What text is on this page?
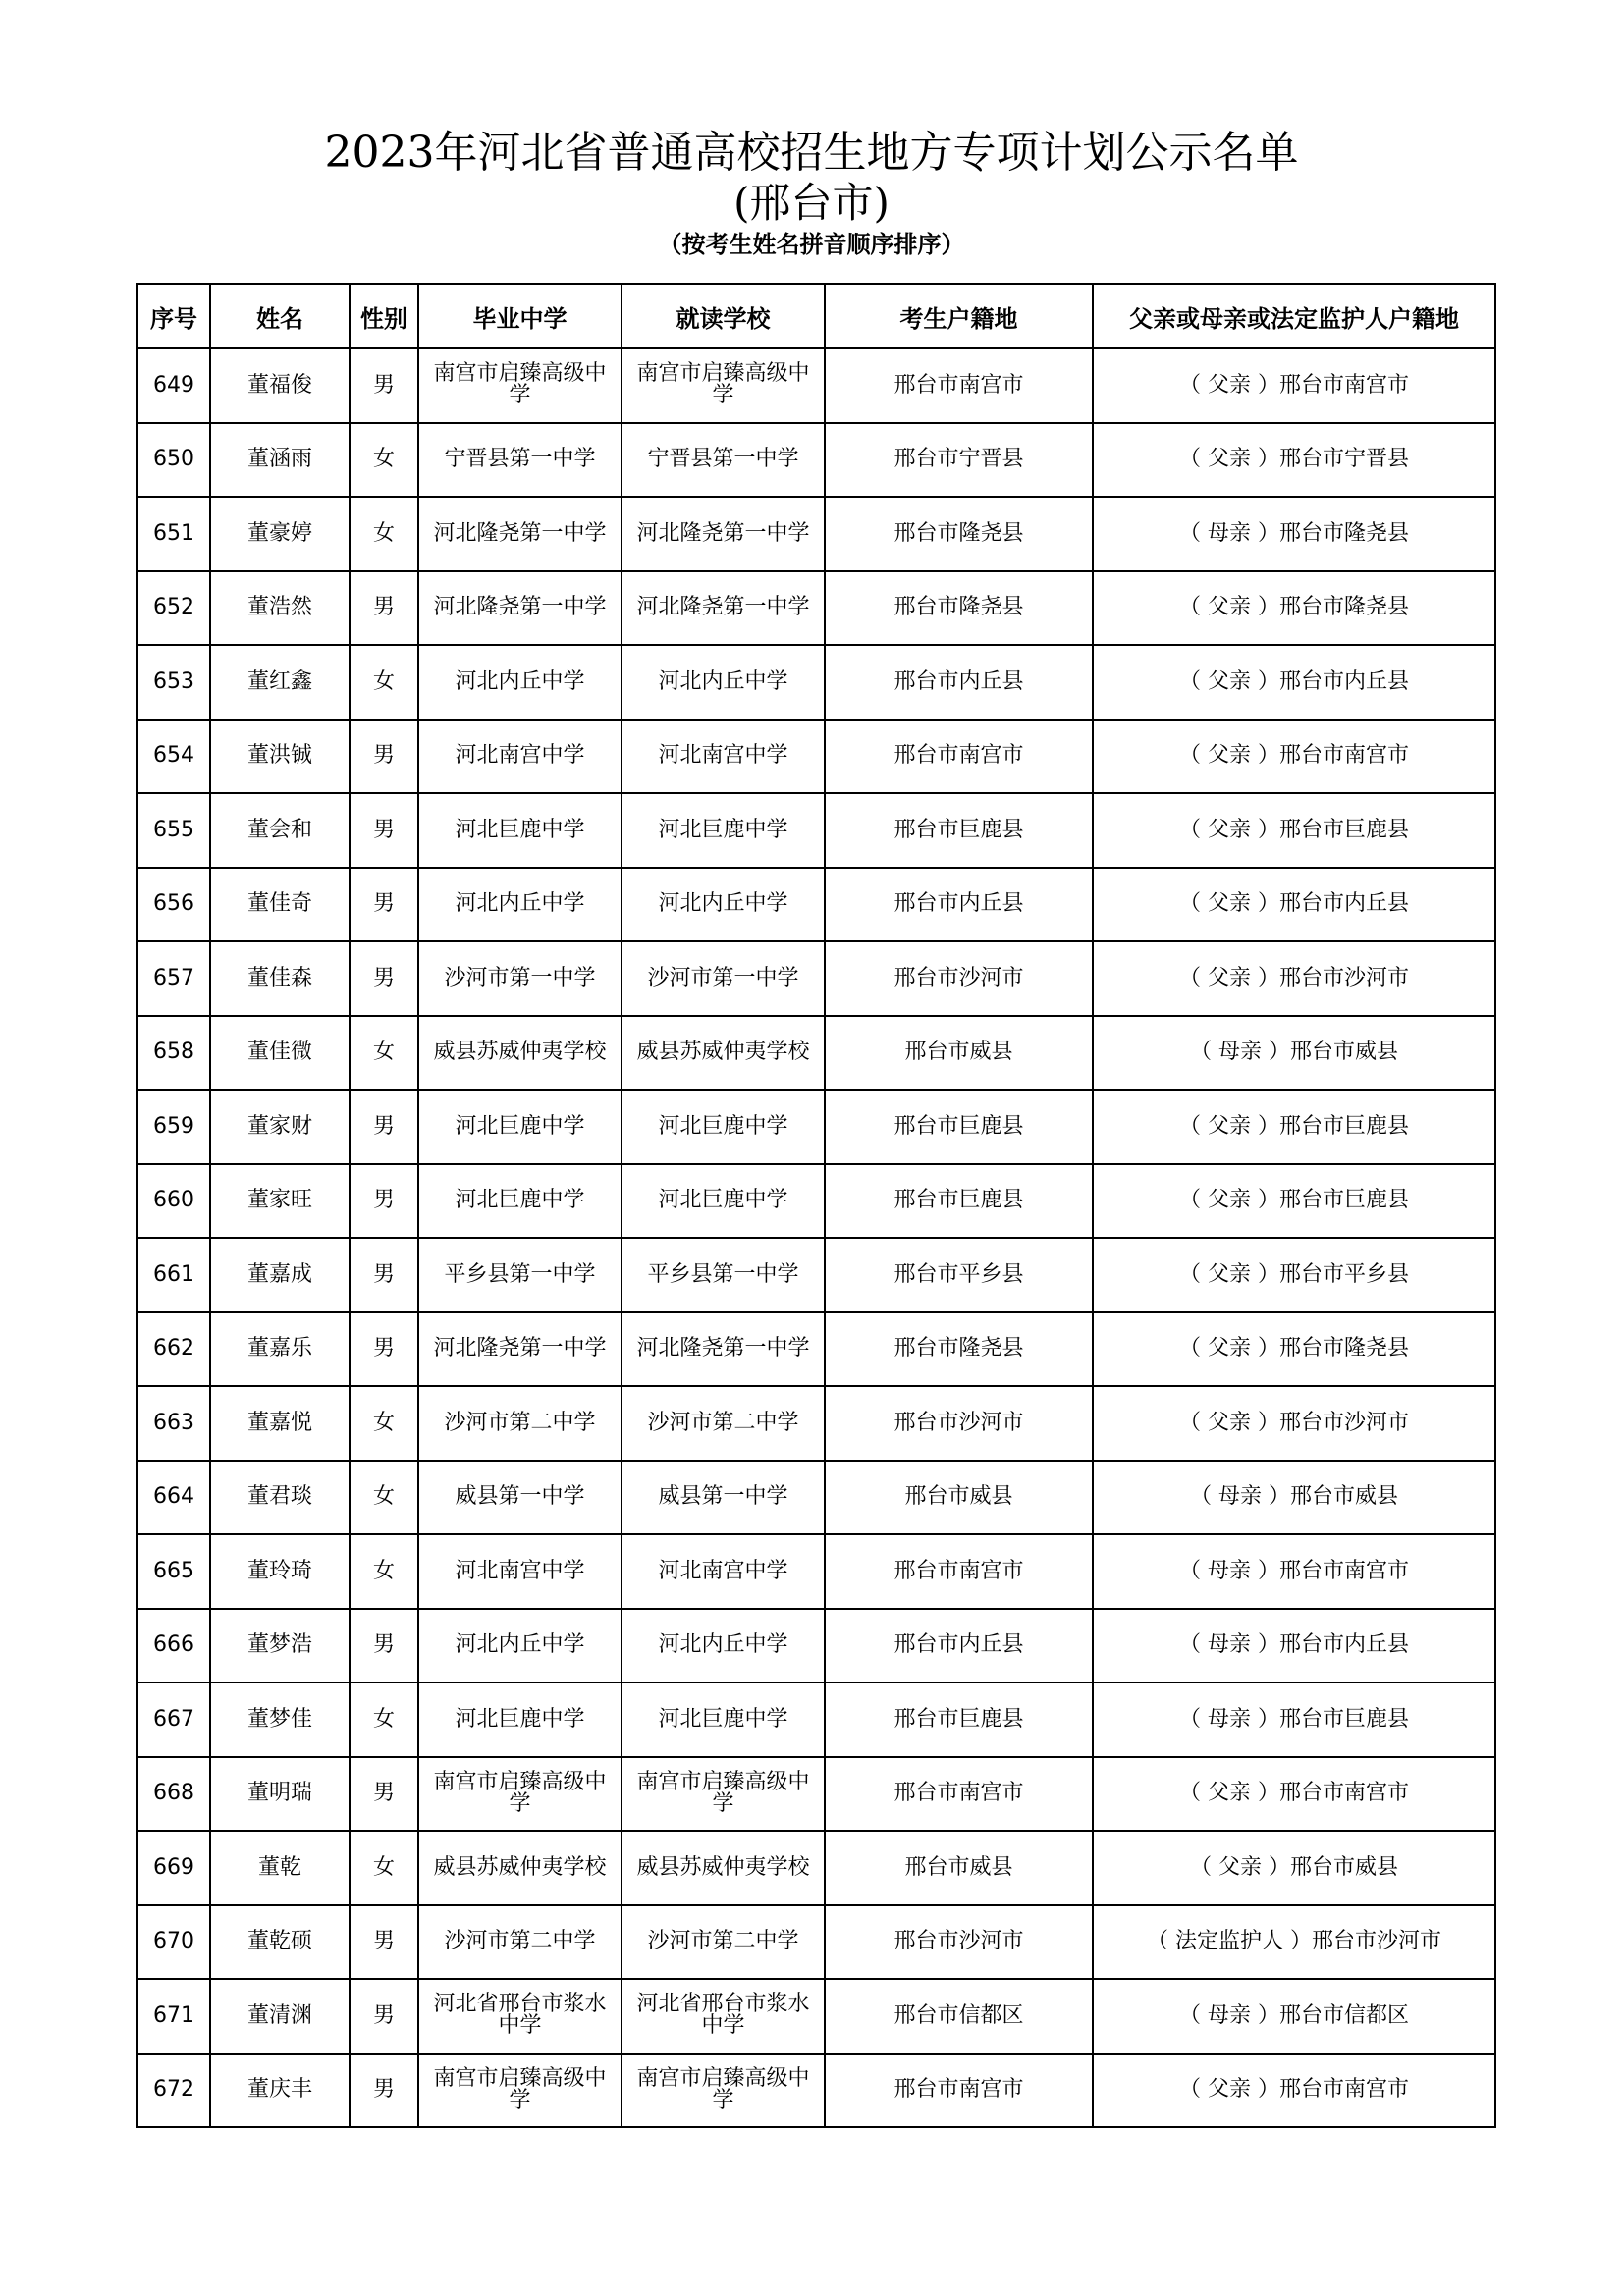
2023年河北省普通高校招生地方专项计划公示名单
(邢台市)
（按考生姓名拼音顺序排序）
序号	姓名	性别	毕业中学	就读学校	考生户籍地	父亲或母亲或法定监护人户籍地
649	董福俊	男	南宫市启臻高级中学	南宫市启臻高级中学	邢台市南宫市	（ 父亲 ）邢台市南宫市
650	董涵雨	女	宁晋县第一中学	宁晋县第一中学	邢台市宁晋县	（ 父亲 ）邢台市宁晋县
651	董豪婷	女	河北隆尧第一中学	河北隆尧第一中学	邢台市隆尧县	（ 母亲 ）邢台市隆尧县
652	董浩然	男	河北隆尧第一中学	河北隆尧第一中学	邢台市隆尧县	（ 父亲 ）邢台市隆尧县
653	董红鑫	女	河北内丘中学	河北内丘中学	邢台市内丘县	（ 父亲 ）邢台市内丘县
654	董洪铖	男	河北南宫中学	河北南宫中学	邢台市南宫市	（ 父亲 ）邢台市南宫市
655	董会和	男	河北巨鹿中学	河北巨鹿中学	邢台市巨鹿县	（ 父亲 ）邢台市巨鹿县
656	董佳奇	男	河北内丘中学	河北内丘中学	邢台市内丘县	（ 父亲 ）邢台市内丘县
657	董佳森	男	沙河市第一中学	沙河市第一中学	邢台市沙河市	（ 父亲 ）邢台市沙河市
658	董佳微	女	威县苏威仲夷学校	威县苏威仲夷学校	邢台市威县	（ 母亲 ）邢台市威县
659	董家财	男	河北巨鹿中学	河北巨鹿中学	邢台市巨鹿县	（ 父亲 ）邢台市巨鹿县
660	董家旺	男	河北巨鹿中学	河北巨鹿中学	邢台市巨鹿县	（ 父亲 ）邢台市巨鹿县
661	董嘉成	男	平乡县第一中学	平乡县第一中学	邢台市平乡县	（ 父亲 ）邢台市平乡县
662	董嘉乐	男	河北隆尧第一中学	河北隆尧第一中学	邢台市隆尧县	（ 父亲 ）邢台市隆尧县
663	董嘉悦	女	沙河市第二中学	沙河市第二中学	邢台市沙河市	（ 父亲 ）邢台市沙河市
664	董君琰	女	威县第一中学	威县第一中学	邢台市威县	（ 母亲 ）邢台市威县
665	董玲琦	女	河北南宫中学	河北南宫中学	邢台市南宫市	（ 母亲 ）邢台市南宫市
666	董梦浩	男	河北内丘中学	河北内丘中学	邢台市内丘县	（ 母亲 ）邢台市内丘县
667	董梦佳	女	河北巨鹿中学	河北巨鹿中学	邢台市巨鹿县	（ 母亲 ）邢台市巨鹿县
668	董明瑞	男	南宫市启臻高级中学	南宫市启臻高级中学	邢台市南宫市	（ 父亲 ）邢台市南宫市
669	董乾	女	威县苏威仲夷学校	威县苏威仲夷学校	邢台市威县	（ 父亲 ）邢台市威县
670	董乾硕	男	沙河市第二中学	沙河市第二中学	邢台市沙河市	（ 法定监护人 ）邢台市沙河市
671	董清渊	男	河北省邢台市浆水中学	河北省邢台市浆水中学	邢台市信都区	（ 母亲 ）邢台市信都区
672	董庆丰	男	南宫市启臻高级中学	南宫市启臻高级中学	邢台市南宫市	（ 父亲 ）邢台市南宫市
